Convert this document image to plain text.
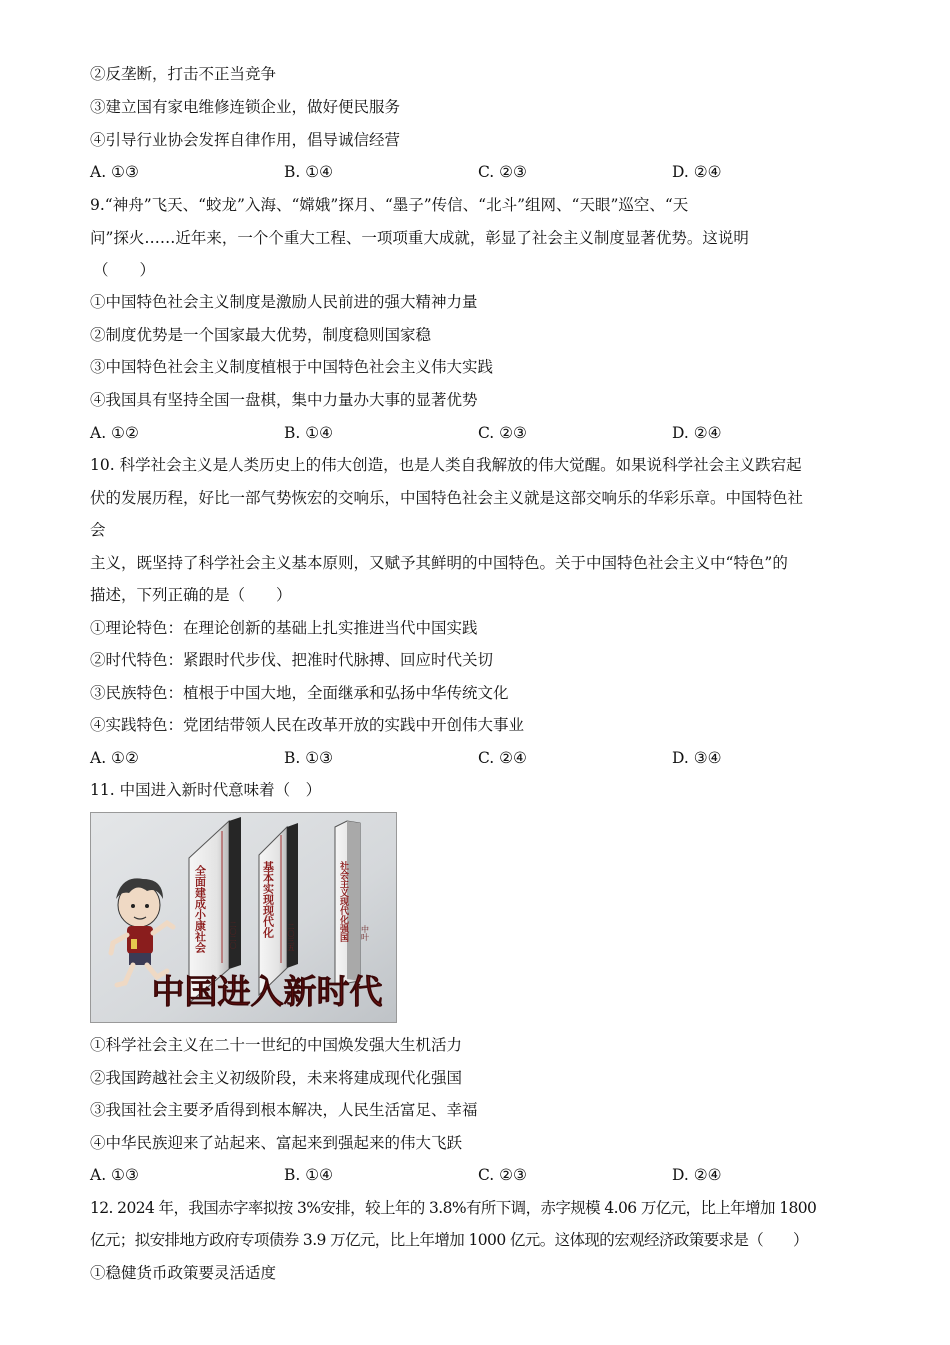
②反垄断，打击不正当竞争
③建立国有家电维修连锁企业，做好便民服务
④引导行业协会发挥自律作用，倡导诚信经营
A. ①③	B. ①④	C. ②③	D. ②④
9.“神舟”飞天、“蛟龙”入海、“嫦娥”探月、“墨子”传信、“北斗”组网、“天眼”巡空、“天
问”探火……近年来，一个个重大工程、一项项重大成就，彰显了社会主义制度显著优势。这说明
（　　）
①中国特色社会主义制度是激励人民前进的强大精神力量
②制度优势是一个国家最大优势，制度稳则国家稳
③中国特色社会主义制度植根于中国特色社会主义伟大实践
④我国具有坚持全国一盘棋，集中力量办大事的显著优势
A. ①②	B. ①④	C. ②③	D. ②④
10. 科学社会主义是人类历史上的伟大创造，也是人类自我解放的伟大觉醒。如果说科学社会主义跌宕起
伏的发展历程，好比一部气势恢宏的交响乐，中国特色社会主义就是这部交响乐的华彩乐章。中国特色社
会
主义，既坚持了科学社会主义基本原则，又赋予其鲜明的中国特色。关于中国特色社会主义中“特色”的
描述，下列正确的是（　　）
①理论特色：在理论创新的基础上扎实推进当代中国实践
②时代特色：紧跟时代步伐、把准时代脉搏、回应时代关切
③民族特色：植根于中国大地，全面继承和弘扬中华传统文化
④实践特色：党团结带领人民在改革开放的实践中开创伟大事业
A. ①②	B. ①③	C. ②④	D. ③④
11. 中国进入新时代意味着（　）
全面建成小康社会	二〇二〇 基本实现现代化 二〇三五	社会主义现代化强国 中叶
中国进入新时代
①科学社会主义在二十一世纪的中国焕发强大生机活力
②我国跨越社会主义初级阶段，未来将建成现代化强国
③我国社会主要矛盾得到根本解决，人民生活富足、幸福
④中华民族迎来了站起来、富起来到强起来的伟大飞跃
A. ①③	B. ①④	C. ②③	D. ②④
12. 2024 年，我国赤字率拟按 3%安排，较上年的 3.8%有所下调，赤字规模 4.06 万亿元，比上年增加 1800
亿元；拟安排地方政府专项债券 3.9 万亿元，比上年增加 1000 亿元。这体现的宏观经济政策要求是（　　）
①稳健货币政策要灵活适度
